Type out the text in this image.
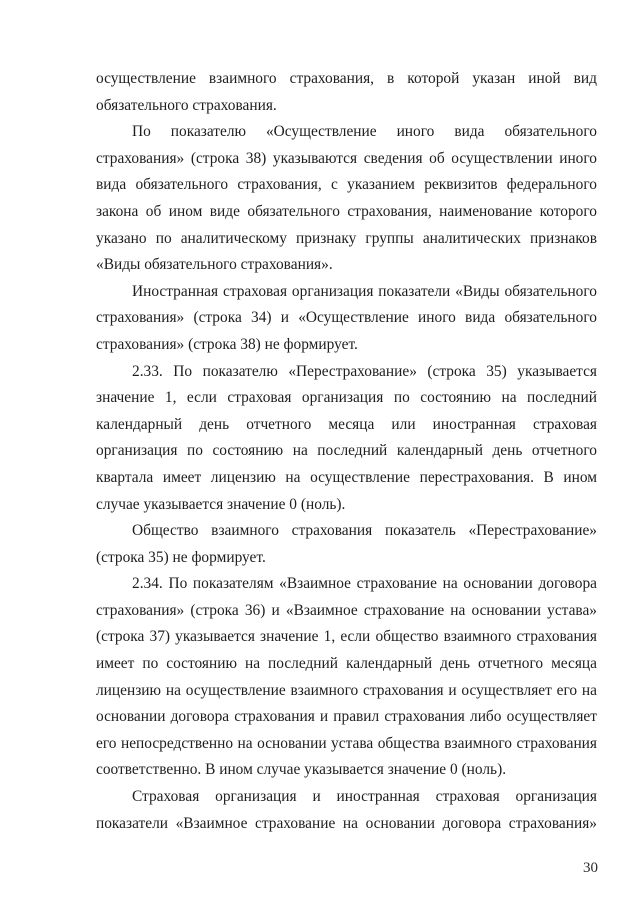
осуществление взаимного страхования, в которой указан иной вид обязательного страхования.

По показателю «Осуществление иного вида обязательного страхования» (строка 38) указываются сведения об осуществлении иного вида обязательного страхования, с указанием реквизитов федерального закона об ином виде обязательного страхования, наименование которого указано по аналитическому признаку группы аналитических признаков «Виды обязательного страхования».

Иностранная страховая организация показатели «Виды обязательного страхования» (строка 34) и «Осуществление иного вида обязательного страхования» (строка 38) не формирует.

2.33. По показателю «Перестрахование» (строка 35) указывается значение 1, если страховая организация по состоянию на последний календарный день отчетного месяца или иностранная страховая организация по состоянию на последний календарный день отчетного квартала имеет лицензию на осуществление перестрахования. В ином случае указывается значение 0 (ноль).

Общество взаимного страхования показатель «Перестрахование» (строка 35) не формирует.

2.34. По показателям «Взаимное страхование на основании договора страхования» (строка 36) и «Взаимное страхование на основании устава» (строка 37) указывается значение 1, если общество взаимного страхования имеет по состоянию на последний календарный день отчетного месяца лицензию на осуществление взаимного страхования и осуществляет его на основании договора страхования и правил страхования либо осуществляет его непосредственно на основании устава общества взаимного страхования соответственно. В ином случае указывается значение 0 (ноль).

Страховая организация и иностранная страховая организация показатели «Взаимное страхование на основании договора страхования»

30
